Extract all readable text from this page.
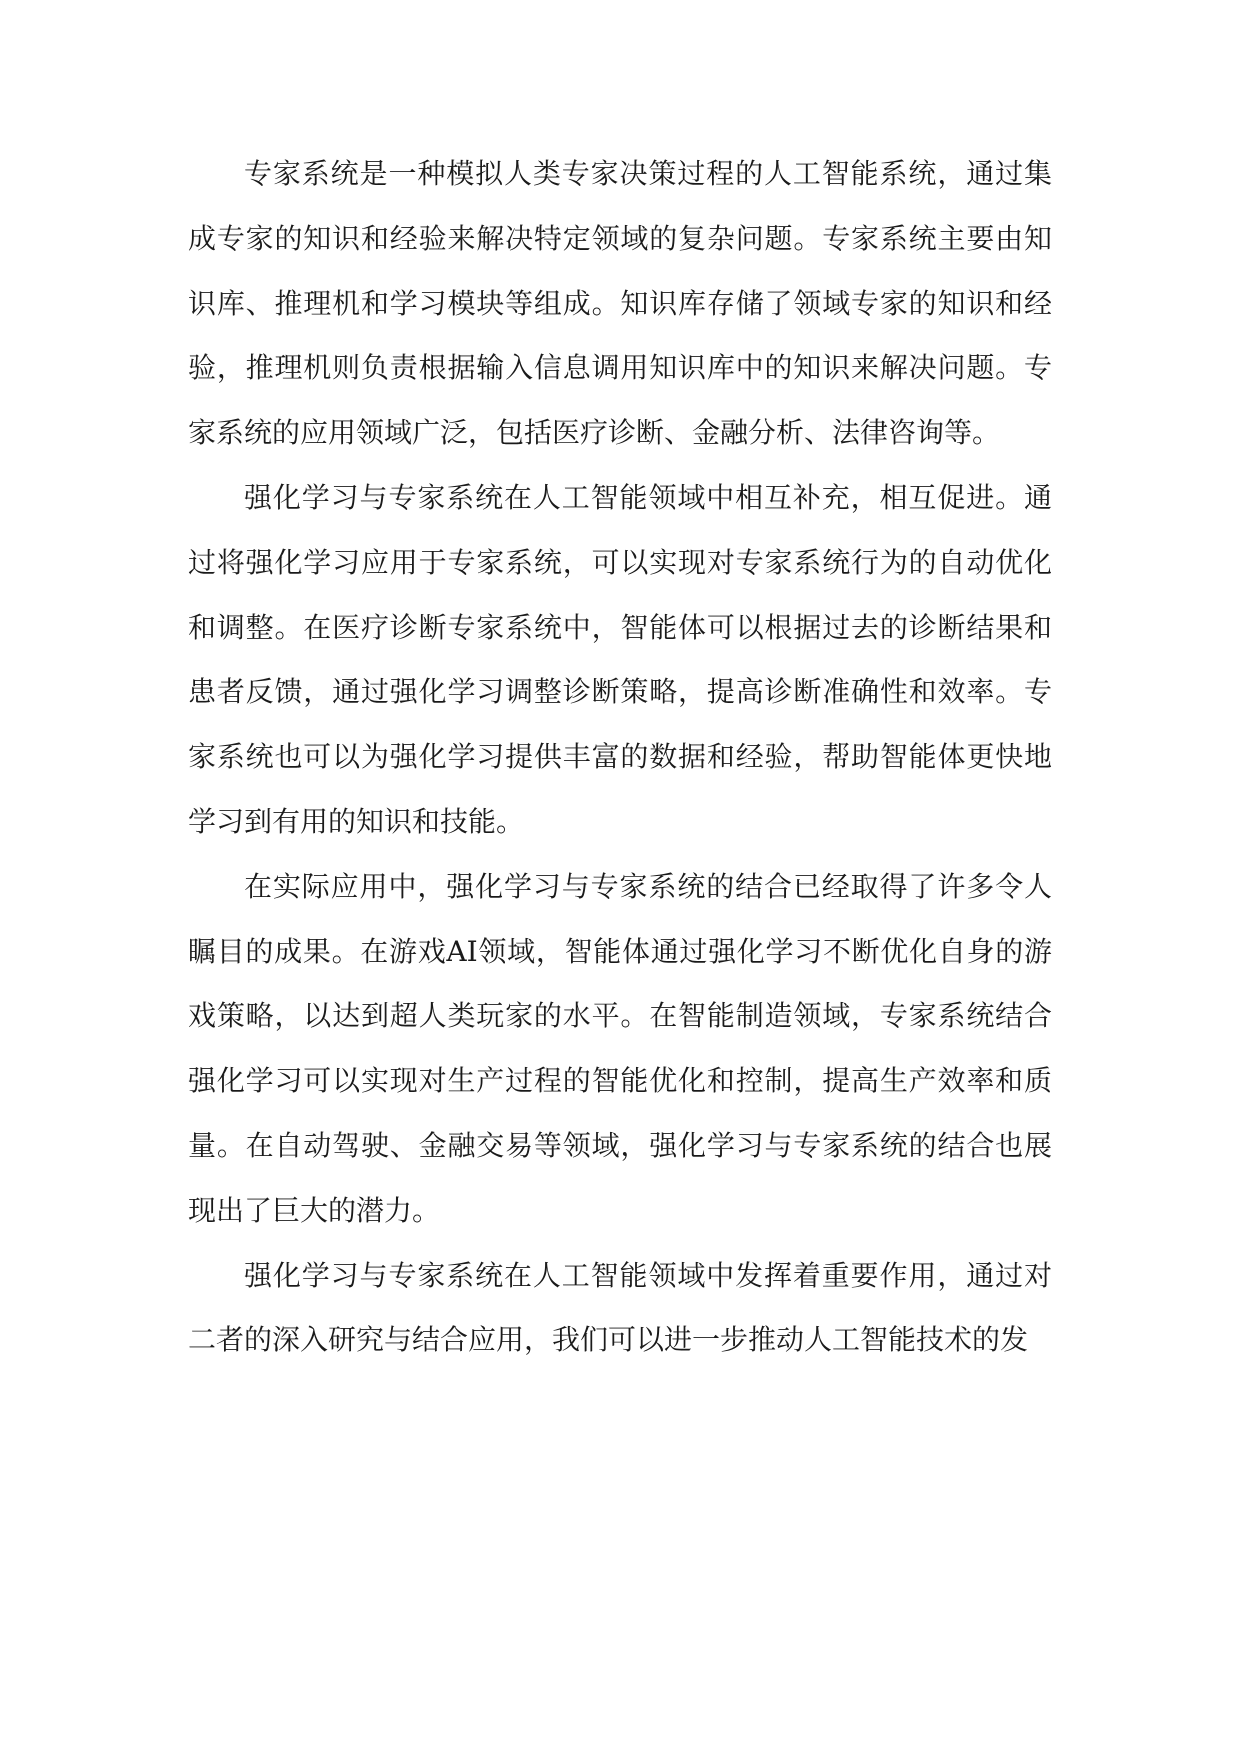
专家系统是一种模拟人类专家决策过程的人工智能系统，通过集成专家的知识和经验来解决特定领域的复杂问题。专家系统主要由知识库、推理机和学习模块等组成。知识库存储了领域专家的知识和经验，推理机则负责根据输入信息调用知识库中的知识来解决问题。专家系统的应用领域广泛，包括医疗诊断、金融分析、法律咨询等。

强化学习与专家系统在人工智能领域中相互补充，相互促进。通过将强化学习应用于专家系统，可以实现对专家系统行为的自动优化和调整。在医疗诊断专家系统中，智能体可以根据过去的诊断结果和患者反馈，通过强化学习调整诊断策略，提高诊断准确性和效率。专家系统也可以为强化学习提供丰富的数据和经验，帮助智能体更快地学习到有用的知识和技能。

在实际应用中，强化学习与专家系统的结合已经取得了许多令人瞩目的成果。在游戏AI领域，智能体通过强化学习不断优化自身的游戏策略，以达到超人类玩家的水平。在智能制造领域，专家系统结合强化学习可以实现对生产过程的智能优化和控制，提高生产效率和质量。在自动驾驶、金融交易等领域，强化学习与专家系统的结合也展现出了巨大的潜力。

强化学习与专家系统在人工智能领域中发挥着重要作用，通过对二者的深入研究与结合应用，我们可以进一步推动人工智能技术的发
